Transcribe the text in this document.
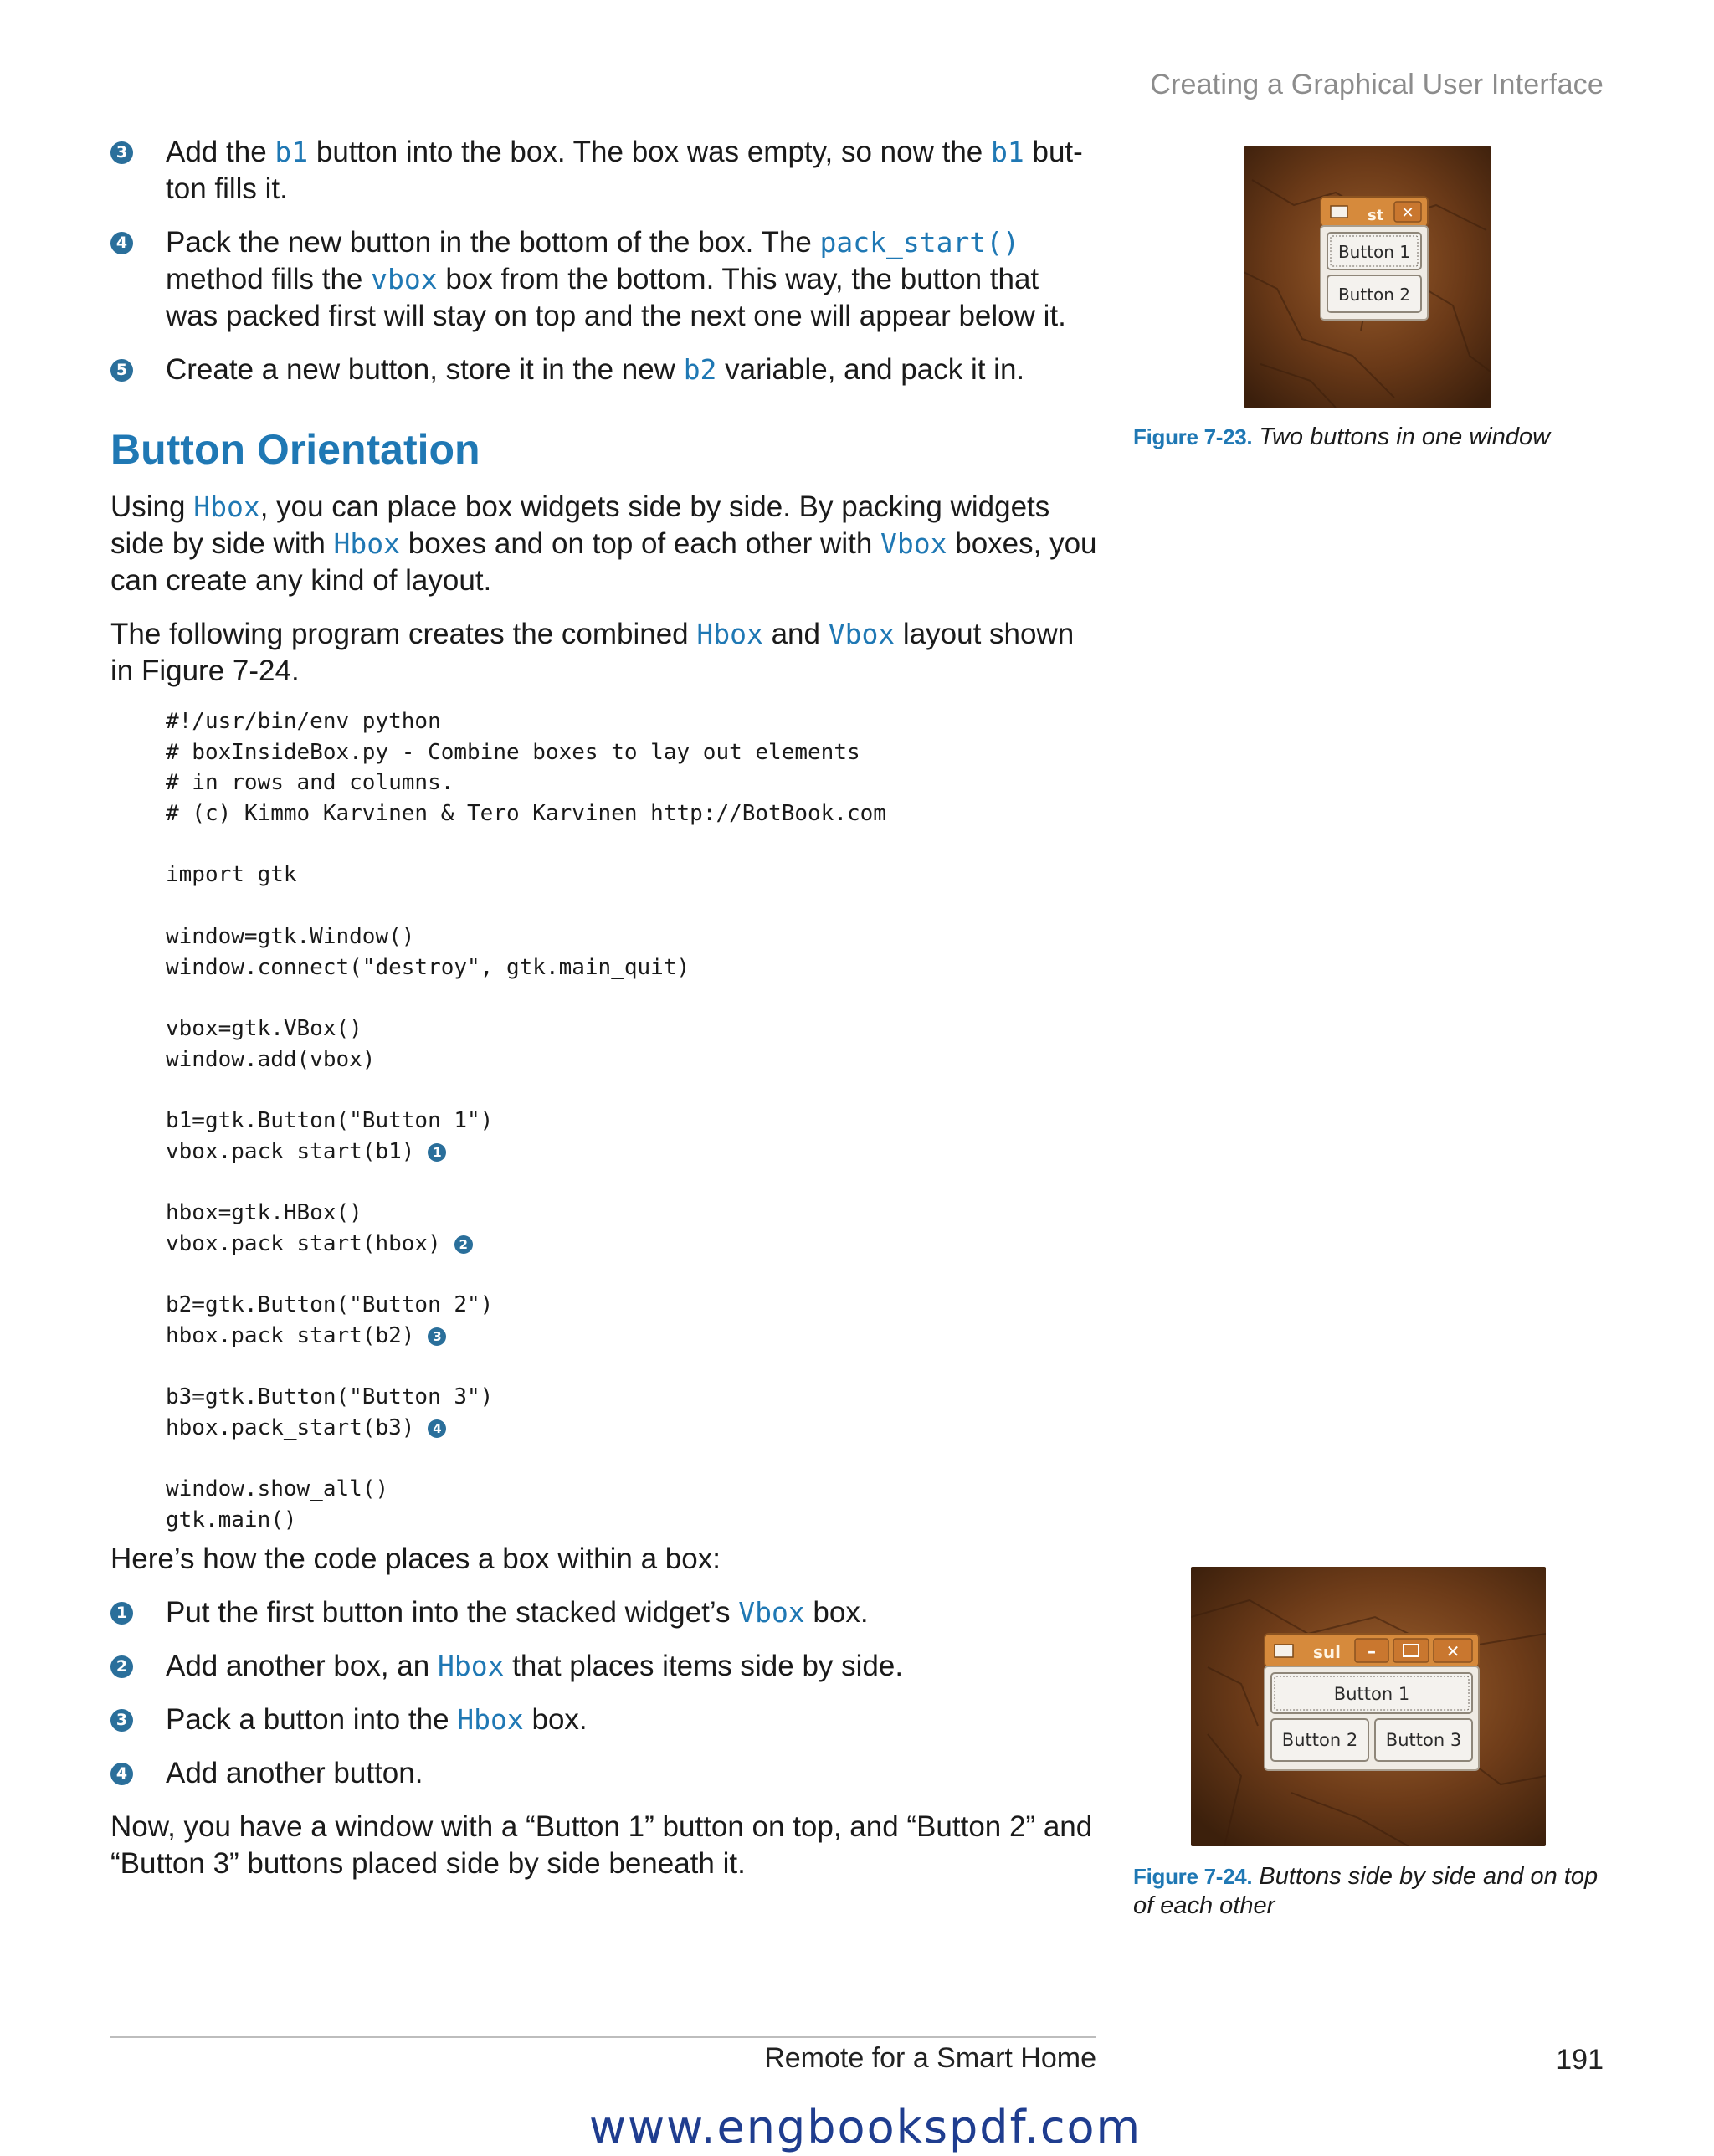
Creating a Graphical User Interface
3 Add the b1 button into the box. The box was empty, so now the b1 but-ton fills it.
4 Pack the new button in the bottom of the box. The pack_start() method fills the vbox box from the bottom. This way, the button that was packed first will stay on top and the next one will appear below it.
5 Create a new button, store it in the new b2 variable, and pack it in.
Button Orientation

Using Hbox, you can place box widgets side by side. By packing widgets side by side with Hbox boxes and on top of each other with Vbox boxes, you can create any kind of layout.

The following program creates the combined Hbox and Vbox layout shown in Figure 7-24.

#!/usr/bin/env python
# boxInsideBox.py - Combine boxes to lay out elements
# in rows and columns.
# (c) Kimmo Karvinen & Tero Karvinen http://BotBook.com
import gtk
window=gtk.Window()
window.connect("destroy", gtk.main_quit)
vbox=gtk.VBox()
window.add(vbox)
b1=gtk.Button("Button 1")
vbox.pack_start(b1) 1
hbox=gtk.HBox()
vbox.pack_start(hbox) 2
b2=gtk.Button("Button 2")
hbox.pack_start(b2) 3
b3=gtk.Button("Button 3")
hbox.pack_start(b3) 4
window.show_all()
gtk.main()

Here’s how the code places a box within a box:

1 Put the first button into the stacked widget’s Vbox box.
2 Add another box, an Hbox that places items side by side.
3 Pack a button into the Hbox box.
4 Add another button.

Now, you have a window with a “Button 1” button on top, and “Button 2” and “Button 3” buttons placed side by side beneath it.

st ✕
Button 1
Button 2
Figure 7-23. Two buttons in one window
sul –	✕
Button 1
Button 2 Button 3
Figure 7-24. Buttons side by side and on top of each other
Remote for a Smart Home	191
www.engbookspdf.com
